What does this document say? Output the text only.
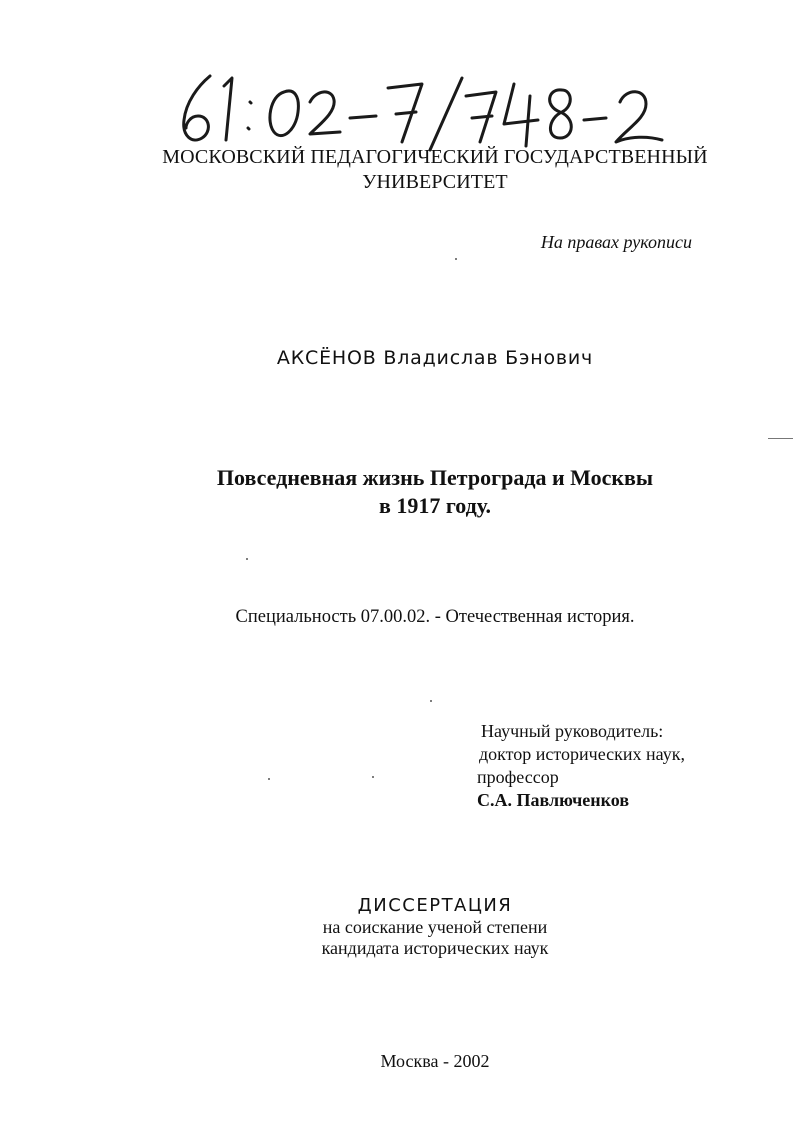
МОСКОВСКИЙ ПЕДАГОГИЧЕСКИЙ ГОСУДАРСТВЕННЫЙ
УНИВЕРСИТЕТ
На правах рукописи
АКСЁНОВ Владислав Бэнович
Повседневная жизнь Петрограда и Москвы
в 1917 году.
Специальность 07.00.02. - Отечественная история.
Научный руководитель:
доктор исторических наук,
профессор
С.А. Павлюченков
ДИССЕРТАЦИЯ
на соискание ученой степени
кандидата исторических наук
Москва - 2002
